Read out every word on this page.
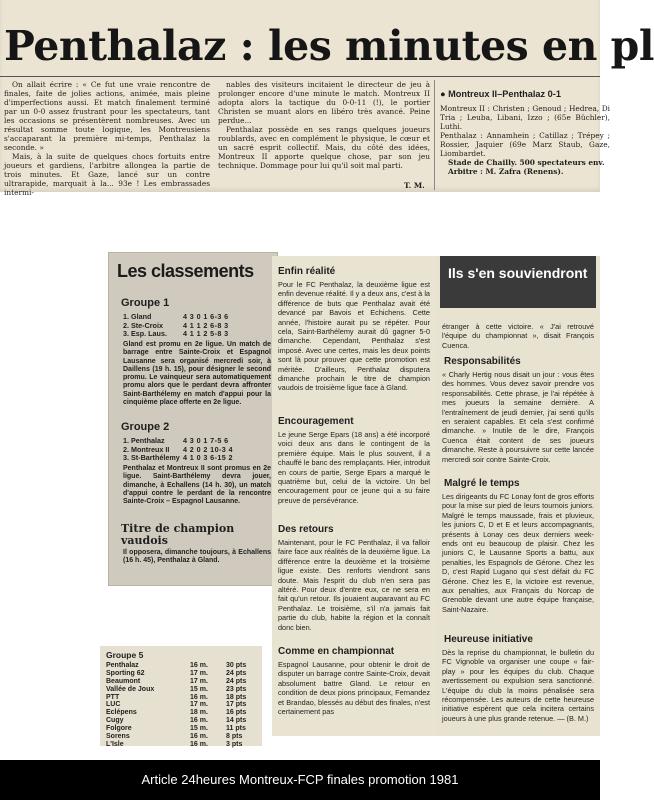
Penthalaz : les minutes en pl

On allait écrire : « Ce fut une vraie rencontre de finales, faite de jolies actions, animée, mais pleine d'imperfections aussi. Et match finalement terminé par un 0-0 assez frustrant pour les spectateurs, tant les occasions se présentèrent nombreuses. Avec un résultat somme toute logique, les Montreusiens s'accaparant la première mi-temps, Penthalaz la seconde. »

Mais, à la suite de quelques chocs fortuits entre joueurs et gardiens, l'arbitre allongea la partie de trois minutes. Et Gaze, lancé sur un contre ultrarapide, marquait à la... 93e ! Les embrassades intermi-

nables des visiteurs incitaient le directeur de jeu à prolonger encore d'une minute le match. Montreux II adopta alors la tactique du 0-0-11 (!), le portier Christen se muant alors en libéro très avancé. Peine perdue...

Penthalaz possède en ses rangs quelques joueurs roublards, avec en complément le physique, le cœur et un sacré esprit collectif. Mais, du côté des idées, Montreux II apporte quelque chose, par son jeu technique. Dommage pour lui qu'il soit mal parti.

T. M.
● Montreux II–Penthalaz 0-1

Montreux II : Christen ; Genoud ; Hedrea, Di Tria ; Leuba, Libani, Izzo ; (65e Büchler), Luthi.

Penthalaz : Annamhein ; Catillaz ; Trépey ; Rossier, Jaquier (69e Marz Staub, Gaze, Liombardet.

Stade de Chailly. 500 spectateurs env.

Arbitre : M. Zafra (Renens).

Les classements
Groupe 1
1. Gland	4 3 0 1 6-3 6
2. Ste-Croix	4 1 1 2 6-8 3
3. Esp. Laus.	4 1 1 2 5-8 3
Gland est promu en 2e ligue. Un match de barrage entre Sainte-Croix et Espagnol Lausanne sera organisé mercredi soir, à Daillens (19 h. 15), pour désigner le second promu. Le vainqueur sera automatiquement promu alors que le perdant devra affronter Saint-Barthélemy en match d'appui pour la cinquième place offerte en 2e ligue.
Groupe 2
1. Penthalaz	4 3 0 1 7-5 6
2. Montreux II	4 2 0 2 10-3 4
3. St-Barthélemy 4 1 0 3 6-15 2
Penthalaz et Montreux II sont promus en 2e ligue. Saint-Barthélemy devra jouer, dimanche, à Echallens (14 h. 30), un match d'appui contre le perdant de la rencontre Sainte-Croix – Espagnol Lausanne.
Titre de champion vaudois
Il opposera, dimanche toujours, à Echallens (16 h. 45), Penthalaz à Gland.
Groupe 5
Penthalaz	16 m.	30 pts
Sporting 62	17 m.	24 pts
Beaumont	17 m.	24 pts
Vallée de Joux	15 m.	23 pts
PTT	16 m.	18 pts
LUC	17 m.	17 pts
Eclépens	18 m.	16 pts
Cugy	16 m.	14 pts
Folgore	15 m.	11 pts
Sorens	16 m.	8 pts
L'Isle	16 m.	3 pts
Enfin réalité
Pour le FC Penthalaz, la deuxième ligue est enfin devenue réalité. Il y a deux ans, c'est à la différence de buts que Penthalaz avait été devancé par Bavois et Echichens. Cette année, l'histoire aurait pu se répéter. Pour cela, Saint-Barthélemy aurait dû gagner 5-0 dimanche. Cependant, Penthalaz s'est imposé. Avec une certes, mais les deux points sont là pour prouver que cette promotion est méritée. D'ailleurs, Penthalaz disputera dimanche prochain le titre de champion vaudois de troisième ligue face à Gland.
Encouragement
Le jeune Serge Epars (18 ans) a été incorporé voici deux ans dans le contingent de la première équipe. Mais le plus souvent, il a chauffé le banc des remplaçants. Hier, introduit en cours de partie, Serge Epars a marqué le quatrième but, celui de la victoire. Un bel encouragement pour ce jeune qui a su faire preuve de persévérance.
Des retours
Maintenant, pour le FC Penthalaz, il va falloir faire face aux réalités de la deuxième ligue. La différence entre la deuxième et la troisième ligue existe. Des renforts viendront sans doute. Mais l'esprit du club n'en sera pas altéré. Pour deux d'entre eux, ce ne sera en fait qu'un retour. Ils jouaient auparavant au FC Penthalaz. Le troisième, s'il n'a jamais fait partie du club, habite la région et la connaît donc bien.
Comme en championnat
Espagnol Lausanne, pour obtenir le droit de disputer un barrage contre Sainte-Croix, devait absolument battre Gland. Le retour en condition de deux pions principaux, Fernandez et Brandao, blessés au début des finales, n'est certainement pas
Ils s'en souviendront
étranger à cette victoire. « J'ai retrouvé l'équipe du championnat », disait François Cuenca.
Responsabilités
« Charly Hertig nous disait un jour : vous êtes des hommes. Vous devez savoir prendre vos responsabilités. Cette phrase, je l'ai répétée à mes joueurs la semaine dernière. A l'entraînement de jeudi dernier, j'ai senti qu'ils en seraient capables. Et cela s'est confirmé dimanche. » Inutile de le dire, François Cuenca était content de ses joueurs dimanche. Reste à poursuivre sur cette lancée mercredi soir contre Sainte-Croix.
Malgré le temps
Les dirigeants du FC Lonay font de gros efforts pour la mise sur pied de leurs tournois juniors. Malgré le temps maussade, frais et pluvieux, les juniors C, D et E et leurs accompagnants, présents à Lonay ces deux derniers week-ends ont eu beaucoup de plaisir. Chez les juniors C, le Lausanne Sports a battu, aux penalties, les Espagnols de Gérone. Chez les D, c'est Rapid Lugano qui s'est défait du FC Gérone. Chez les E, la victoire est revenue, aux penalties, aux Français du Norcap de Grenoble devant une autre équipe française, Saint-Nazaire.
Heureuse initiative
Dès la reprise du championnat, le bulletin du FC Vignoble va organiser une coupe « fair-play » pour les équipes du club. Chaque avertissement ou expulsion sera sanctionné. L'équipe du club la moins pénalisée sera récompensée. Les auteurs de cette heureuse initiative espèrent que cela incitera certains joueurs à une plus grande retenue. — (B. M.)
Article 24heures Montreux-FCP finales promotion 1981
